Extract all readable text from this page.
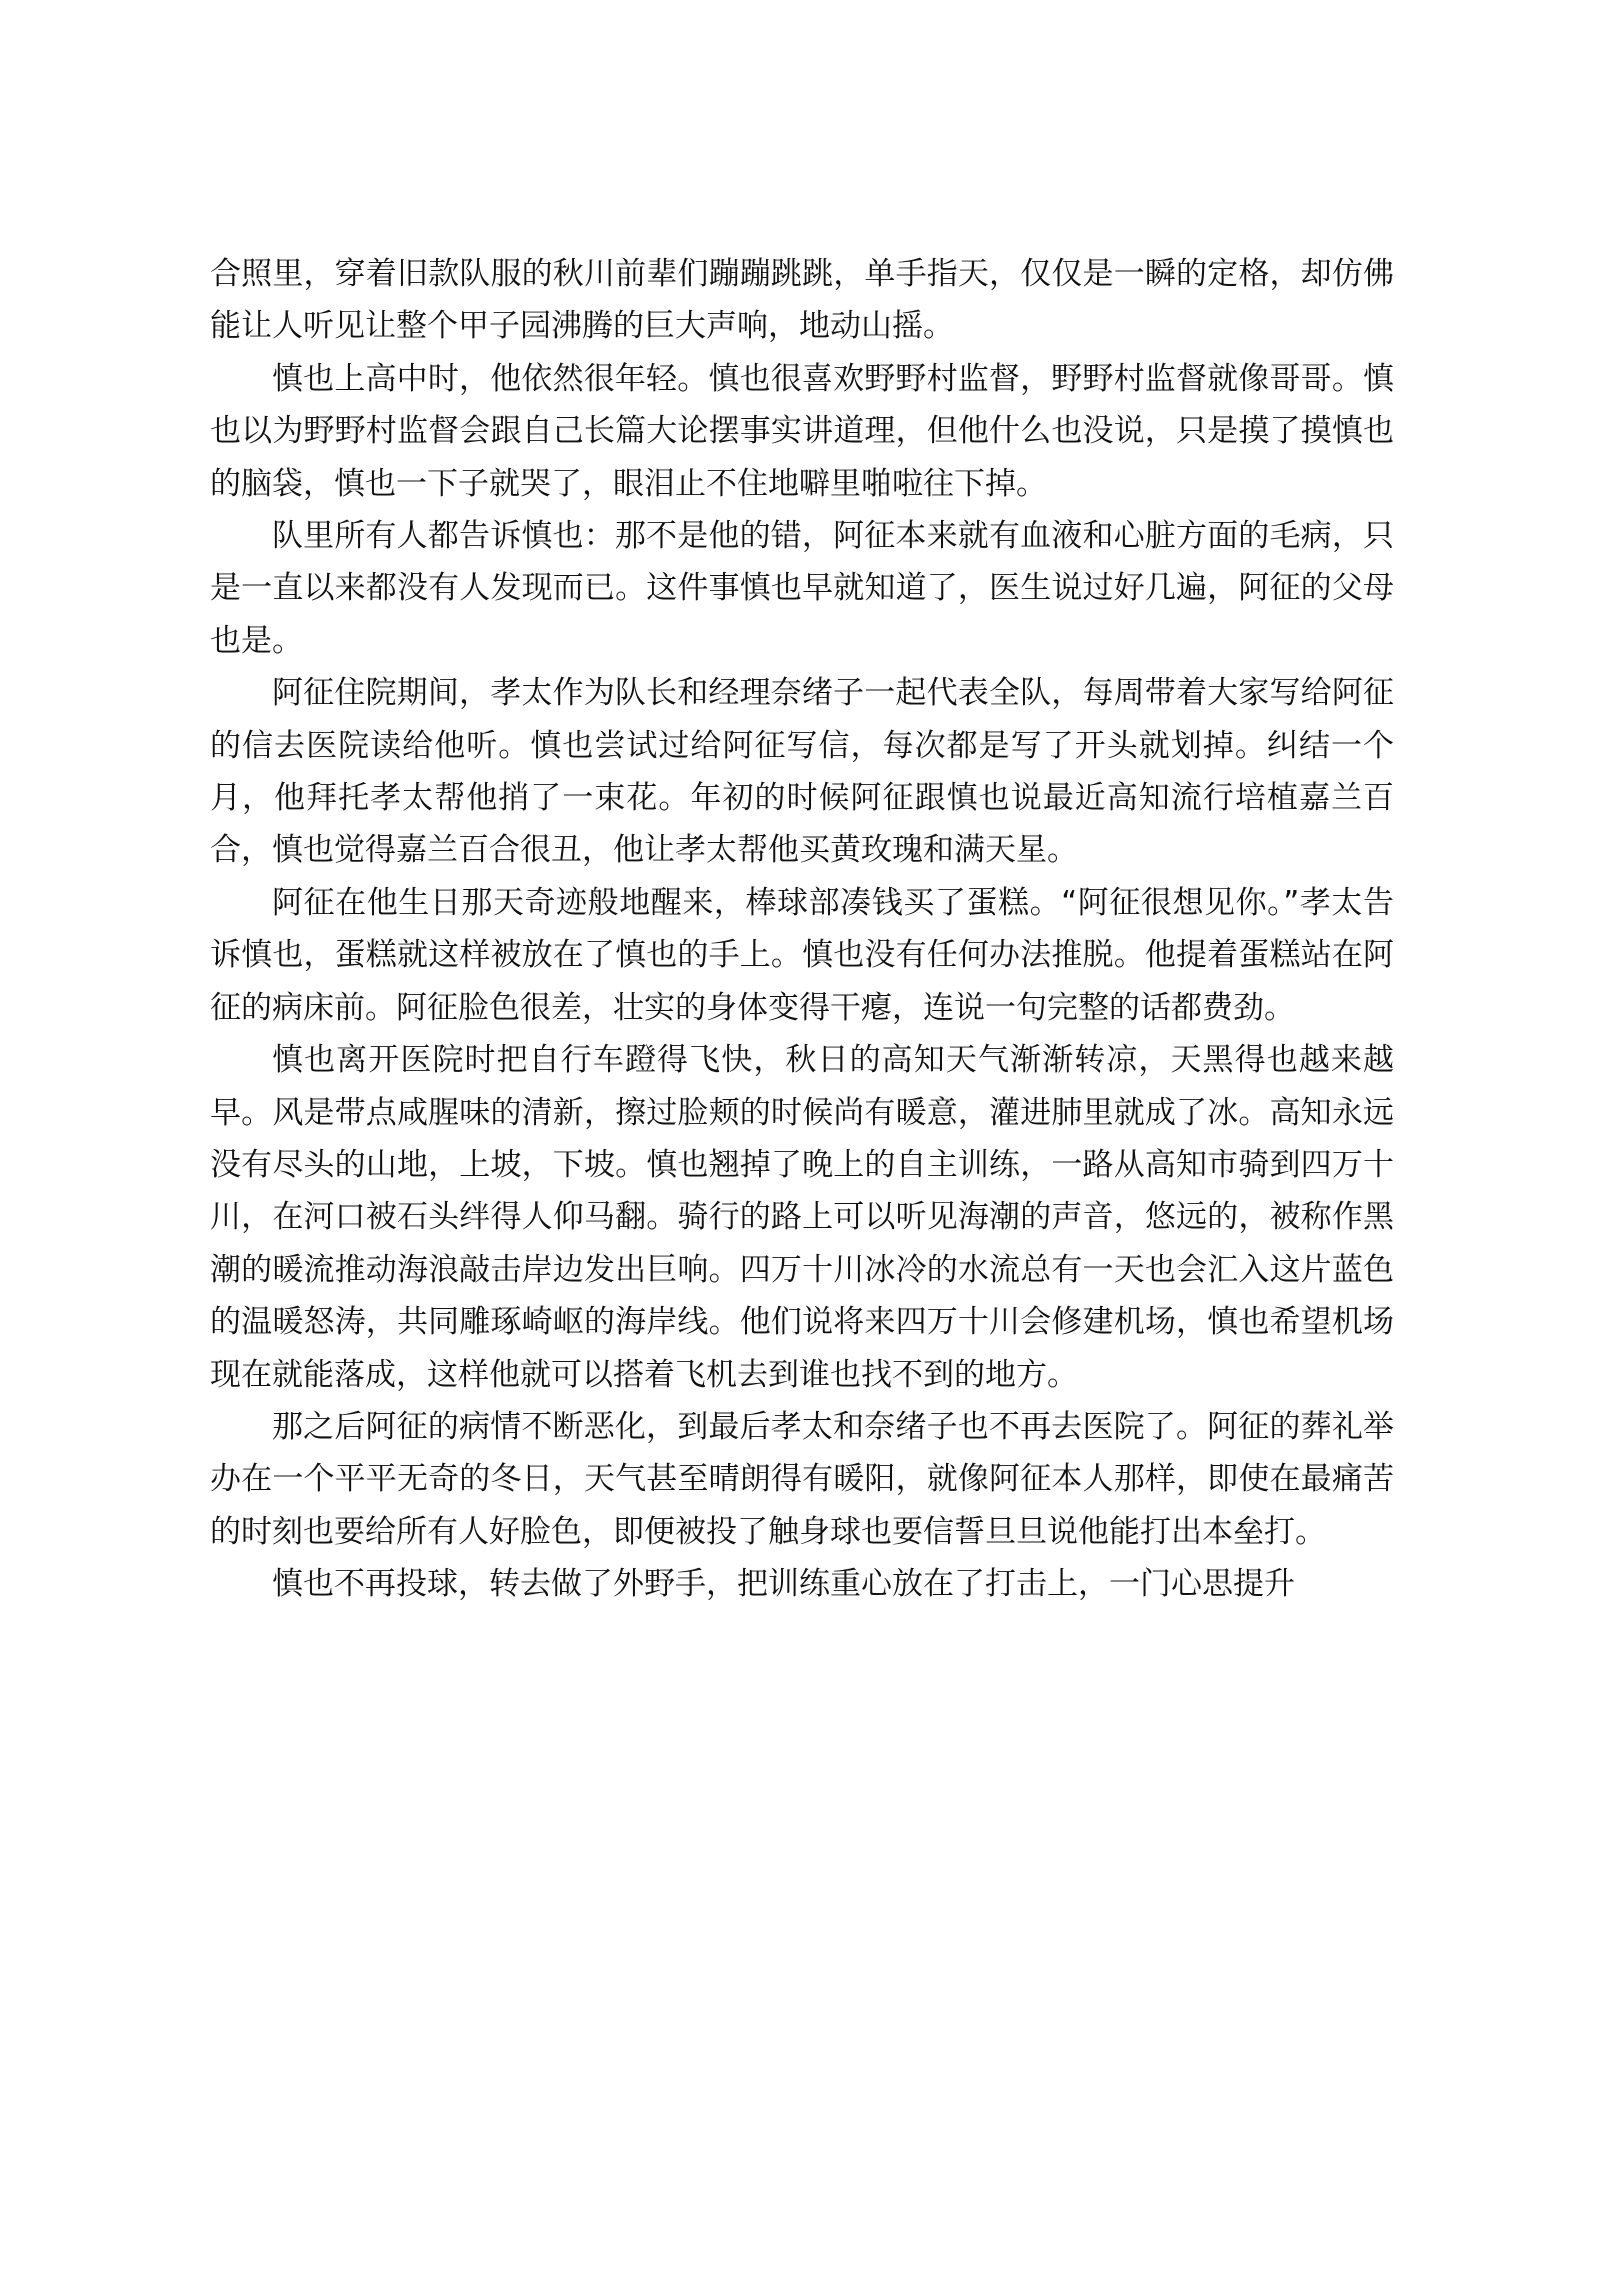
合照里，穿着旧款队服的秋川前辈们蹦蹦跳跳，单手指天，仅仅是一瞬的定格，却仿佛能让人听见让整个甲子园沸腾的巨大声响，地动山摇。

慎也上高中时，他依然很年轻。慎也很喜欢野野村监督，野野村监督就像哥哥。慎也以为野野村监督会跟自己长篇大论摆事实讲道理，但他什么也没说，只是摸了摸慎也的脑袋，慎也一下子就哭了，眼泪止不住地噼里啪啦往下掉。

队里所有人都告诉慎也：那不是他的错，阿征本来就有血液和心脏方面的毛病，只是一直以来都没有人发现而已。这件事慎也早就知道了，医生说过好几遍，阿征的父母也是。

阿征住院期间，孝太作为队长和经理奈绪子一起代表全队，每周带着大家写给阿征的信去医院读给他听。慎也尝试过给阿征写信，每次都是写了开头就划掉。纠结一个月，他拜托孝太帮他捎了一束花。年初的时候阿征跟慎也说最近高知流行培植嘉兰百合，慎也觉得嘉兰百合很丑，他让孝太帮他买黄玫瑰和满天星。

阿征在他生日那天奇迹般地醒来，棒球部凑钱买了蛋糕。“阿征很想见你。”孝太告诉慎也，蛋糕就这样被放在了慎也的手上。慎也没有任何办法推脱。他提着蛋糕站在阿征的病床前。阿征脸色很差，壮实的身体变得干瘪，连说一句完整的话都费劲。

慎也离开医院时把自行车蹬得飞快，秋日的高知天气渐渐转凉，天黑得也越来越早。风是带点咸腥味的清新，擦过脸颊的时候尚有暖意，灌进肺里就成了冰。高知永远没有尽头的山地，上坡，下坡。慎也翘掉了晚上的自主训练，一路从高知市骑到四万十川，在河口被石头绊得人仰马翻。骑行的路上可以听见海潮的声音，悠远的，被称作黑潮的暖流推动海浪敲击岸边发出巨响。四万十川冰冷的水流总有一天也会汇入这片蓝色的温暖怒涛，共同雕琢崎岖的海岸线。他们说将来四万十川会修建机场，慎也希望机场现在就能落成，这样他就可以搭着飞机去到谁也找不到的地方。

那之后阿征的病情不断恶化，到最后孝太和奈绪子也不再去医院了。阿征的葬礼举办在一个平平无奇的冬日，天气甚至晴朗得有暖阳，就像阿征本人那样，即使在最痛苦的时刻也要给所有人好脸色，即便被投了触身球也要信誓旦旦说他能打出本垒打。

慎也不再投球，转去做了外野手，把训练重心放在了打击上，一门心思提升
